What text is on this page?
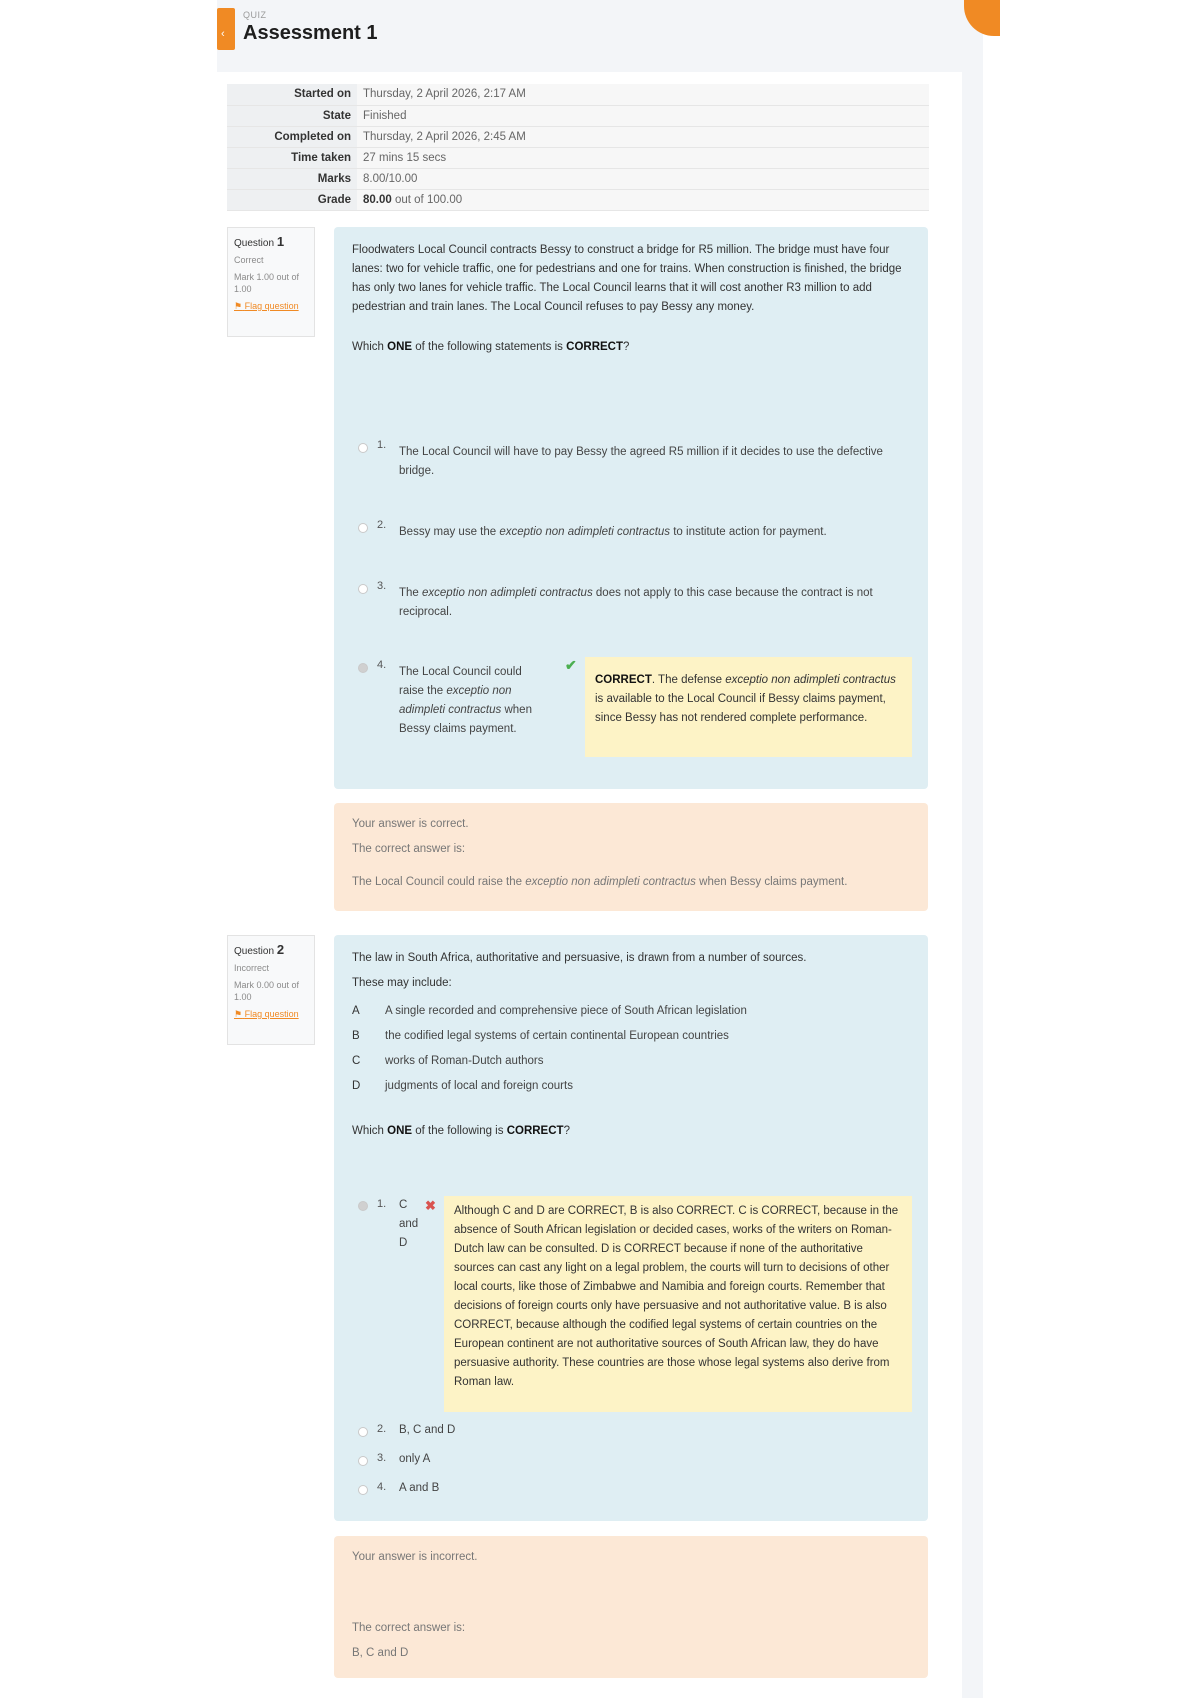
‹
QUIZ
Assessment 1
Started on	Thursday, 2 April 2026, 2:17 AM
State	Finished
Completed on	Thursday, 2 April 2026, 2:45 AM
Time taken	27 mins 15 secs
Marks	8.00/10.00
Grade	80.00 out of 100.00
Question 1
Correct
Mark 1.00 out of 1.00
⚑ Flag question
Floodwaters Local Council contracts Bessy to construct a bridge for R5 million. The bridge must have four lanes: two for vehicle traffic, one for pedestrians and one for trains. When construction is finished, the bridge has only two lanes for vehicle traffic. The Local Council learns that it will cost another R3 million to add pedestrian and train lanes. The Local Council refuses to pay Bessy any money.
Which ONE of the following statements is CORRECT?
1.
The Local Council will have to pay Bessy the agreed R5 million if it decides to use the defective bridge.
2.
Bessy may use the exceptio non adimpleti contractus to institute action for payment.
3.
The exceptio non adimpleti contractus does not apply to this case because the contract is not reciprocal.
4.
The Local Council could raise the exceptio non adimpleti contractus when Bessy claims payment.
✔
CORRECT. The defense exceptio non adimpleti contractus is available to the Local Council if Bessy claims payment, since Bessy has not rendered complete performance.
Your answer is correct.
The correct answer is:
The Local Council could raise the exceptio non adimpleti contractus when Bessy claims payment.
Question 2
Incorrect
Mark 0.00 out of 1.00
⚑ Flag question
The law in South Africa, authoritative and persuasive, is drawn from a number of sources.
These may include:
A	A single recorded and comprehensive piece of South African legislation
B	the codified legal systems of certain continental European countries
C	works of Roman-Dutch authors
D	judgments of local and foreign courts
Which ONE of the following is CORRECT?
1. C and D
✖	Although C and D are CORRECT, B is also CORRECT. C is CORRECT, because in the absence of South African legislation or decided cases, works of the writers on Roman-Dutch law can be consulted. D is CORRECT because if none of the authoritative sources can cast any light on a legal problem, the courts will turn to decisions of other local courts, like those of Zimbabwe and Namibia and foreign courts. Remember that decisions of foreign courts only have persuasive and not authoritative value. B is also CORRECT, because although the codified legal systems of certain countries on the European continent are not authoritative sources of South African law, they do have persuasive authority. These countries are those whose legal systems also derive from Roman law.
2. B, C and D
3. only A
4. A and B
Your answer is incorrect.
The correct answer is:
B, C and D
